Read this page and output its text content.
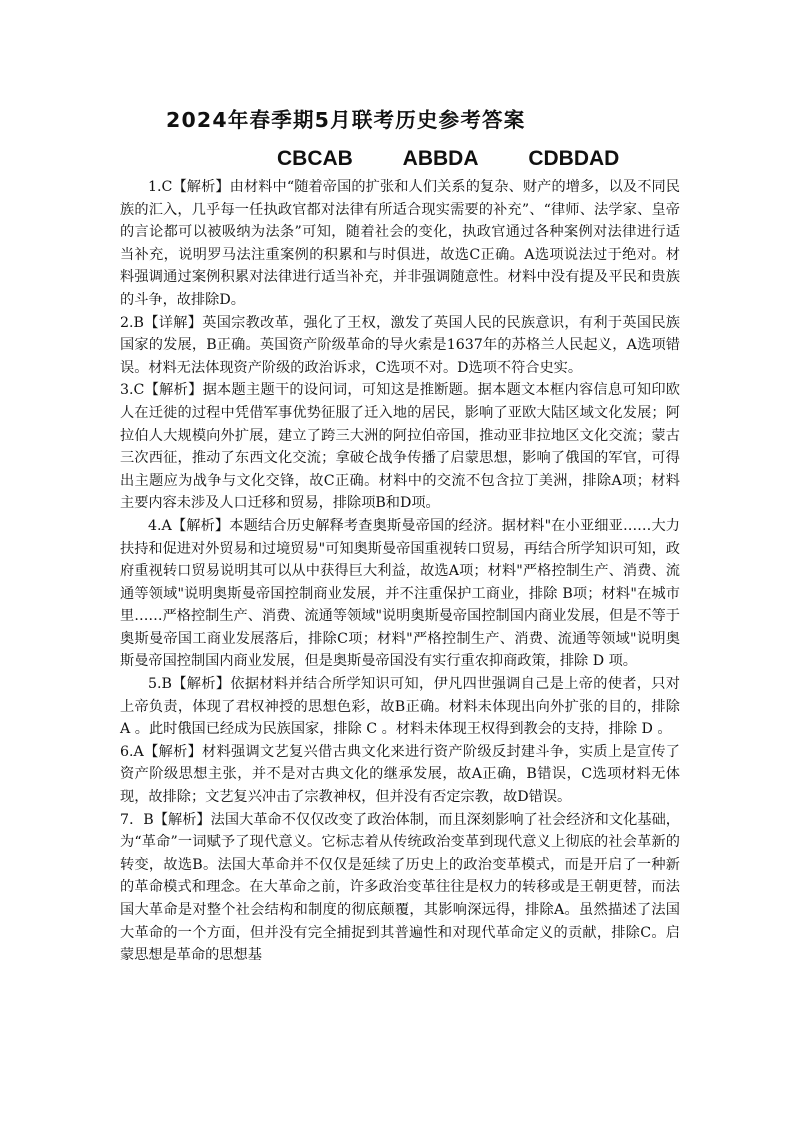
2024年春季期5月联考历史参考答案
CBCAB ABBDA CDBDAD

1.C【解析】由材料中“随着帝国的扩张和人们关系的复杂、财产的增多，以及不同民族的汇入，几乎每一任执政官都对法律有所适合现实需要的补充”、“律师、法学家、皇帝的言论都可以被吸纳为法条”可知，随着社会的变化，执政官通过各种案例对法律进行适当补充，说明罗马法注重案例的积累和与时俱进，故选C正确。A选项说法过于绝对。材料强调通过案例积累对法律进行适当补充，并非强调随意性。材料中没有提及平民和贵族的斗争，故排除D。

2.B【详解】英国宗教改革，强化了王权，激发了英国人民的民族意识，有利于英国民族国家的发展，B正确。英国资产阶级革命的导火索是1637年的苏格兰人民起义，A选项错误。材料无法体现资产阶级的政治诉求，C选项不对。D选项不符合史实。

3.C【解析】据本题主题干的设问词，可知这是推断题。据本题文本框内容信息可知印欧人在迁徙的过程中凭借军事优势征服了迁入地的居民，影响了亚欧大陆区域文化发展；阿拉伯人大规模向外扩展，建立了跨三大洲的阿拉伯帝国，推动亚非拉地区文化交流；蒙古三次西征，推动了东西文化交流；拿破仑战争传播了启蒙思想，影响了俄国的军官，可得出主题应为战争与文化交锋，故C正确。材料中的交流不包含拉丁美洲，排除A项；材料主要内容未涉及人口迁移和贸易，排除项B和D项。

4.A【解析】本题结合历史解释考查奥斯曼帝国的经济。据材料"在小亚细亚……大力扶持和促进对外贸易和过境贸易"可知奥斯曼帝国重视转口贸易，再结合所学知识可知，政府重视转口贸易说明其可以从中获得巨大利益，故选A项；材料"严格控制生产、消费、流通等领域"说明奥斯曼帝国控制商业发展，并不注重保护工商业，排除 B项；材料"在城市里……严格控制生产、消费、流通等领域"说明奥斯曼帝国控制国内商业发展，但是不等于奥斯曼帝国工商业发展落后，排除C项；材料"严格控制生产、消费、流通等领域"说明奥斯曼帝国控制国内商业发展，但是奥斯曼帝国没有实行重农抑商政策，排除 D 项。

5.B【解析】依据材料并结合所学知识可知，伊凡四世强调自己是上帝的使者，只对上帝负责，体现了君权神授的思想色彩，故B正确。材料未体现出向外扩张的目的，排除 A 。此时俄国已经成为民族国家，排除 C 。材料未体现王权得到教会的支持，排除 D 。

6.A【解析】材料强调文艺复兴借古典文化来进行资产阶级反封建斗争，实质上是宣传了资产阶级思想主张，并不是对古典文化的继承发展，故A正确，B错误，C选项材料无体现，故排除；文艺复兴冲击了宗教神权，但并没有否定宗教，故D错误。

7．B【解析】法国大革命不仅仅改变了政治体制，而且深刻影响了社会经济和文化基础，为“革命”一词赋予了现代意义。它标志着从传统政治变革到现代意义上彻底的社会革新的转变，故选B。法国大革命并不仅仅是延续了历史上的政治变革模式，而是开启了一种新的革命模式和理念。在大革命之前，许多政治变革往往是权力的转移或是王朝更替，而法国大革命是对整个社会结构和制度的彻底颠覆，其影响深远得，排除A。虽然描述了法国大革命的一个方面，但并没有完全捕捉到其普遍性和对现代革命定义的贡献，排除C。启蒙思想是革命的思想基
